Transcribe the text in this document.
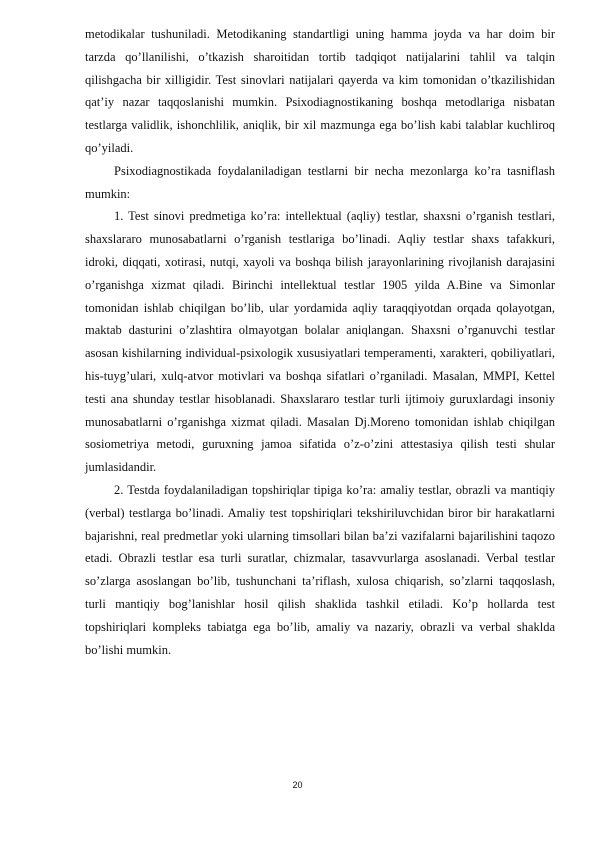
metodikalar tushuniladi. Metodikaning standartligi uning hamma joyda va har doim bir tarzda qo’llanilishi, o’tkazish sharoitidan tortib tadqiqot natijalarini tahlil va talqin qilishgacha bir xilligidir. Test sinovlari natijalari qayerda va kim tomonidan o’tkazilishidan qat’iy nazar taqqoslanishi mumkin. Psixodiagnostikaning boshqa metodlariga nisbatan testlarga validlik, ishonchlilik, aniqlik, bir xil mazmunga ega bo’lish kabi talablar kuchliroq qo’yiladi.

Psixodiagnostikada foydalaniladigan testlarni bir necha mezonlarga ko’ra tasniflash mumkin:

1. Test sinovi predmetiga ko’ra: intellektual (aqliy) testlar, shaxsni o’rganish testlari, shaxslararo munosabatlarni o’rganish testlariga bo’linadi. Aqliy testlar shaxs tafakkuri, idroki, diqqati, xotirasi, nutqi, xayoli va boshqa bilish jarayonlarining rivojlanish darajasini o’rganishga xizmat qiladi. Birinchi intellektual testlar 1905 yilda A.Bine va Simonlar tomonidan ishlab chiqilgan bo’lib, ular yordamida aqliy taraqqiyotdan orqada qolayotgan, maktab dasturini o’zlashtira olmayotgan bolalar aniqlangan. Shaxsni o’rganuvchi testlar asosan kishilarning individual-psixologik xususiyatlari temperamenti, xarakteri, qobiliyatlari, his-tuyg’ulari, xulq-atvor motivlari va boshqa sifatlari o’rganiladi. Masalan, MMPI, Kettel testi ana shunday testlar hisoblanadi. Shaxslararo testlar turli ijtimoiy guruxlardagi insoniy munosabatlarni o’rganishga xizmat qiladi. Masalan Dj.Moreno tomonidan ishlab chiqilgan sosiometriya metodi, guruxning jamoa sifatida o’z-o’zini attestasiya qilish testi shular jumlasidandir.

2. Testda foydalaniladigan topshiriqlar tipiga ko’ra: amaliy testlar, obrazli va mantiqiy (verbal) testlarga bo’linadi. Amaliy test topshiriqlari tekshiriluvchidan biror bir harakatlarni bajarishni, real predmetlar yoki ularning timsollari bilan ba’zi vazifalarni bajarilishini taqozo etadi. Obrazli testlar esa turli suratlar, chizmalar, tasavvurlarga asoslanadi. Verbal testlar so’zlarga asoslangan bo’lib, tushunchani ta’riflash, xulosa chiqarish, so’zlarni taqqoslash, turli mantiqiy bog’lanishlar hosil qilish shaklida tashkil etiladi. Ko’p hollarda test topshiriqlari kompleks tabiatga ega bo’lib, amaliy va nazariy, obrazli va verbal shaklda bo’lishi mumkin.

20
